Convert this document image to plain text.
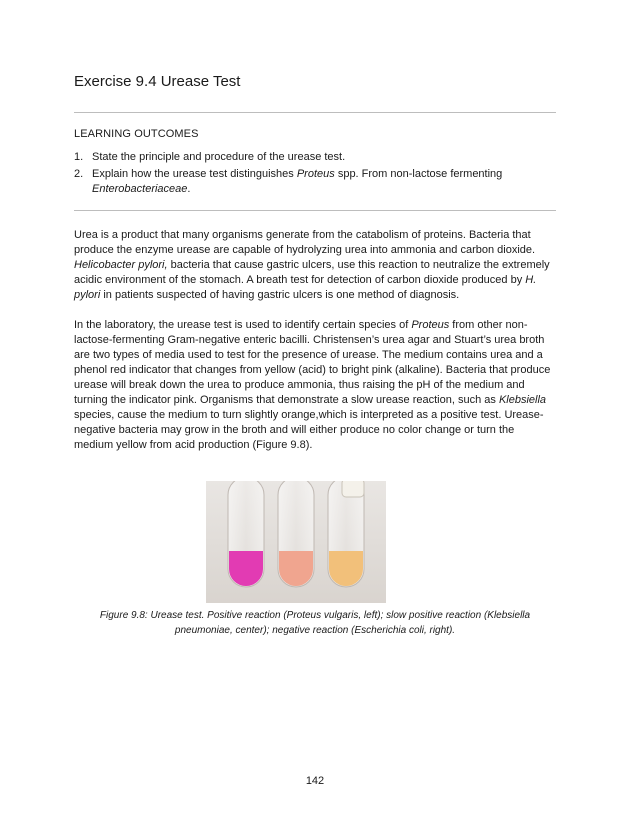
Exercise 9.4 Urease Test
LEARNING OUTCOMES
1. State the principle and procedure of the urease test.
2. Explain how the urease test distinguishes Proteus spp. From non-lactose fermenting
Enterobacteriaceae.

Urea is a product that many organisms generate from the catabolism of proteins. Bacteria that produce the enzyme urease are capable of hydrolyzing urea into ammonia and carbon dioxide. Helicobacter pylori, bacteria that cause gastric ulcers, use this reaction to neutralize the extremely acidic environment of the stomach. A breath test for detection of carbon dioxide produced by H. pylori in patients suspected of having gastric ulcers is one method of diagnosis.

In the laboratory, the urease test is used to identify certain species of Proteus from other non-lactose-fermenting Gram-negative enteric bacilli. Christensen’s urea agar and Stuart’s urea broth are two types of media used to test for the presence of urease. The medium contains urea and a phenol red indicator that changes from yellow (acid) to bright pink (alkaline). Bacteria that produce urease will break down the urea to produce ammonia, thus raising the pH of the medium and turning the indicator pink. Organisms that demonstrate a slow urease reaction, such as Klebsiella species, cause the medium to turn slightly orange,which is interpreted as a positive test. Urease-negative bacteria may grow in the broth and will either produce no color change or turn the medium yellow from acid production (Figure 9.8).

Figure 9.8: Urease test. Positive reaction (Proteus vulgaris, left); slow positive reaction (Klebsiella pneumoniae, center); negative reaction (Escherichia coli, right).
142
